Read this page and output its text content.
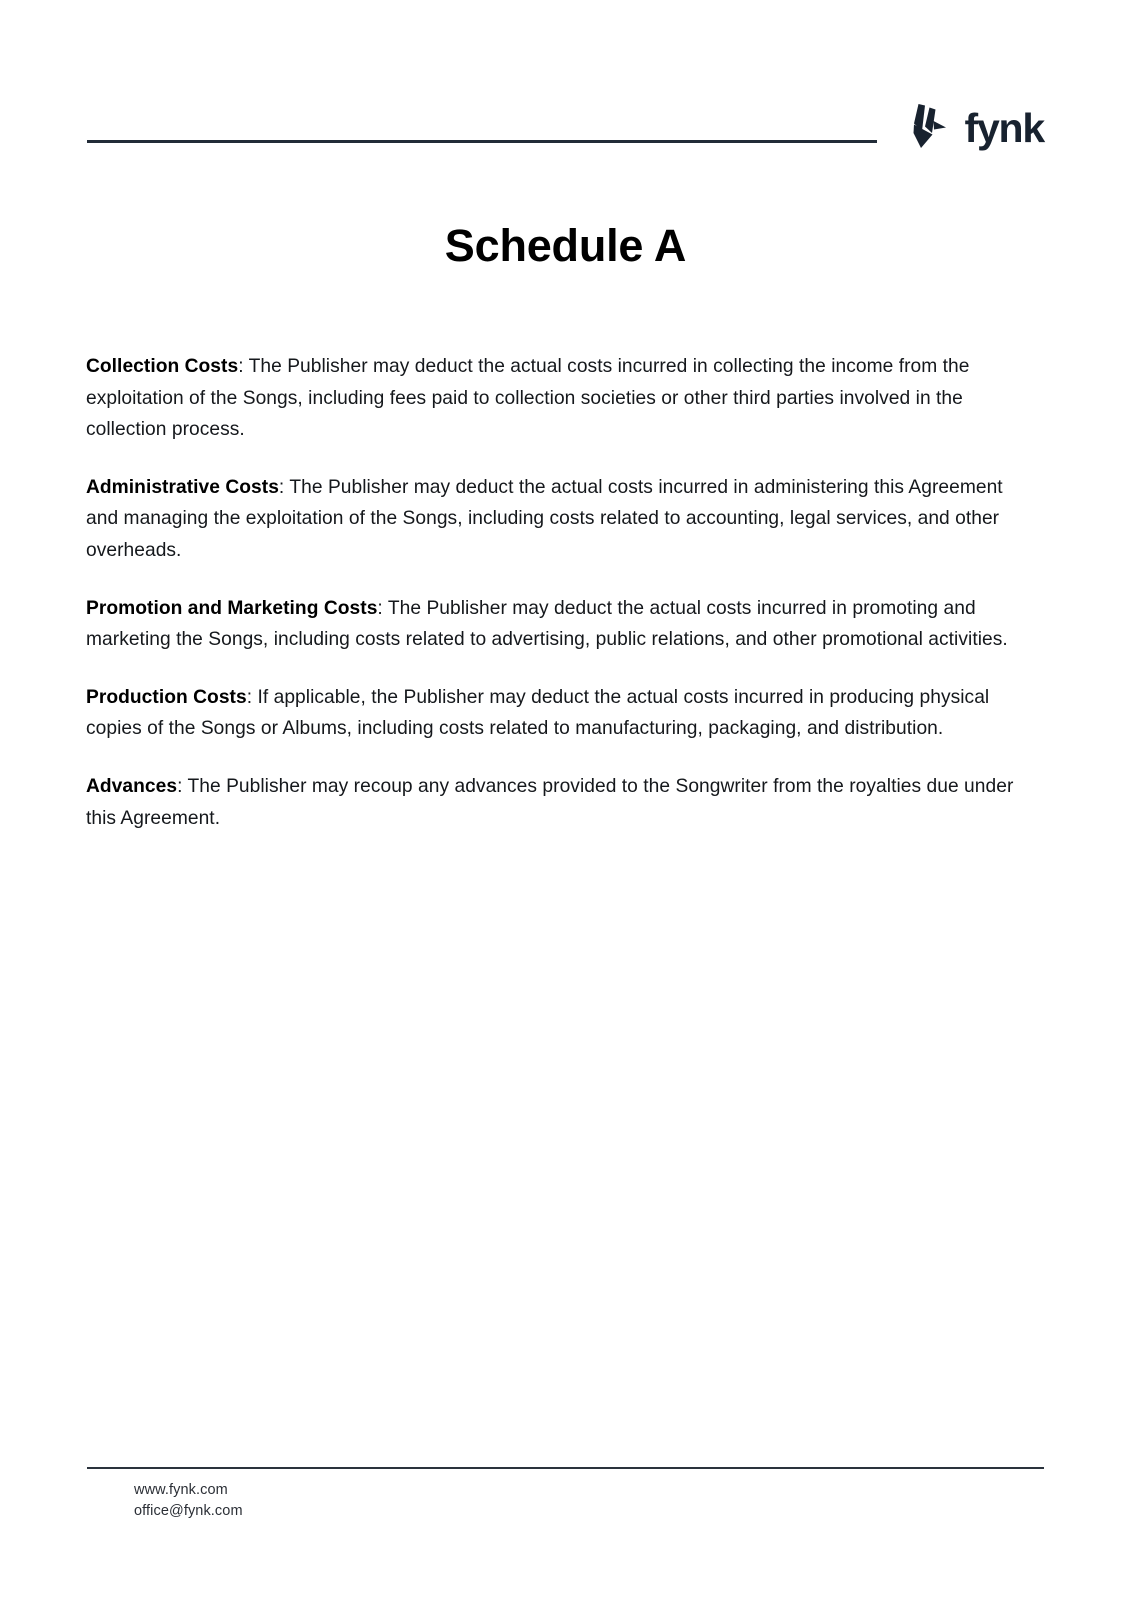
fynk
Schedule A

Collection Costs: The Publisher may deduct the actual costs incurred in collecting the income from the exploitation of the Songs, including fees paid to collection societies or other third parties involved in the collection process.

Administrative Costs: The Publisher may deduct the actual costs incurred in administering this Agreement and managing the exploitation of the Songs, including costs related to accounting, legal services, and other overheads.

Promotion and Marketing Costs: The Publisher may deduct the actual costs incurred in promoting and marketing the Songs, including costs related to advertising, public relations, and other promotional activities.

Production Costs: If applicable, the Publisher may deduct the actual costs incurred in producing physical copies of the Songs or Albums, including costs related to manufacturing, packaging, and distribution.

Advances: The Publisher may recoup any advances provided to the Songwriter from the royalties due under this Agreement.

www.fynk.com
office@fynk.com
